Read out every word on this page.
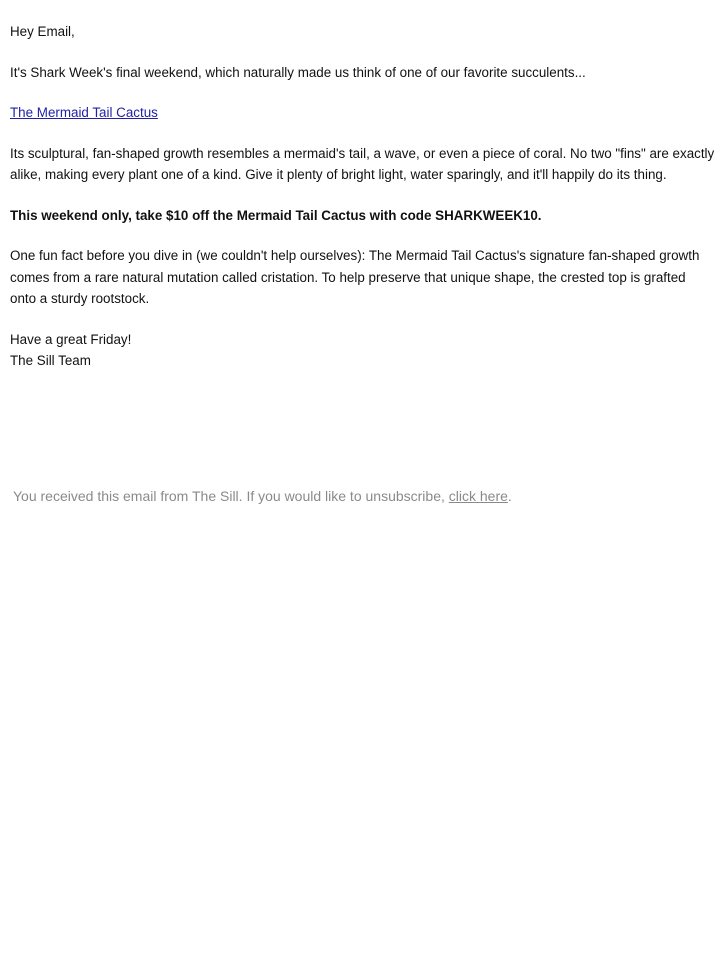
Hey Email,

It's Shark Week's final weekend, which naturally made us think of one of our favorite succulents...

The Mermaid Tail Cactus

Its sculptural, fan-shaped growth resembles a mermaid's tail, a wave, or even a piece of coral. No two "fins" are exactly alike, making every plant one of a kind. Give it plenty of bright light, water sparingly, and it'll happily do its thing.

This weekend only, take $10 off the Mermaid Tail Cactus with code SHARKWEEK10.

One fun fact before you dive in (we couldn't help ourselves): The Mermaid Tail Cactus's signature fan-shaped growth comes from a rare natural mutation called cristation. To help preserve that unique shape, the crested top is grafted onto a sturdy rootstock.

Have a great Friday!
The Sill Team

You received this email from The Sill. If you would like to unsubscribe, click here.
